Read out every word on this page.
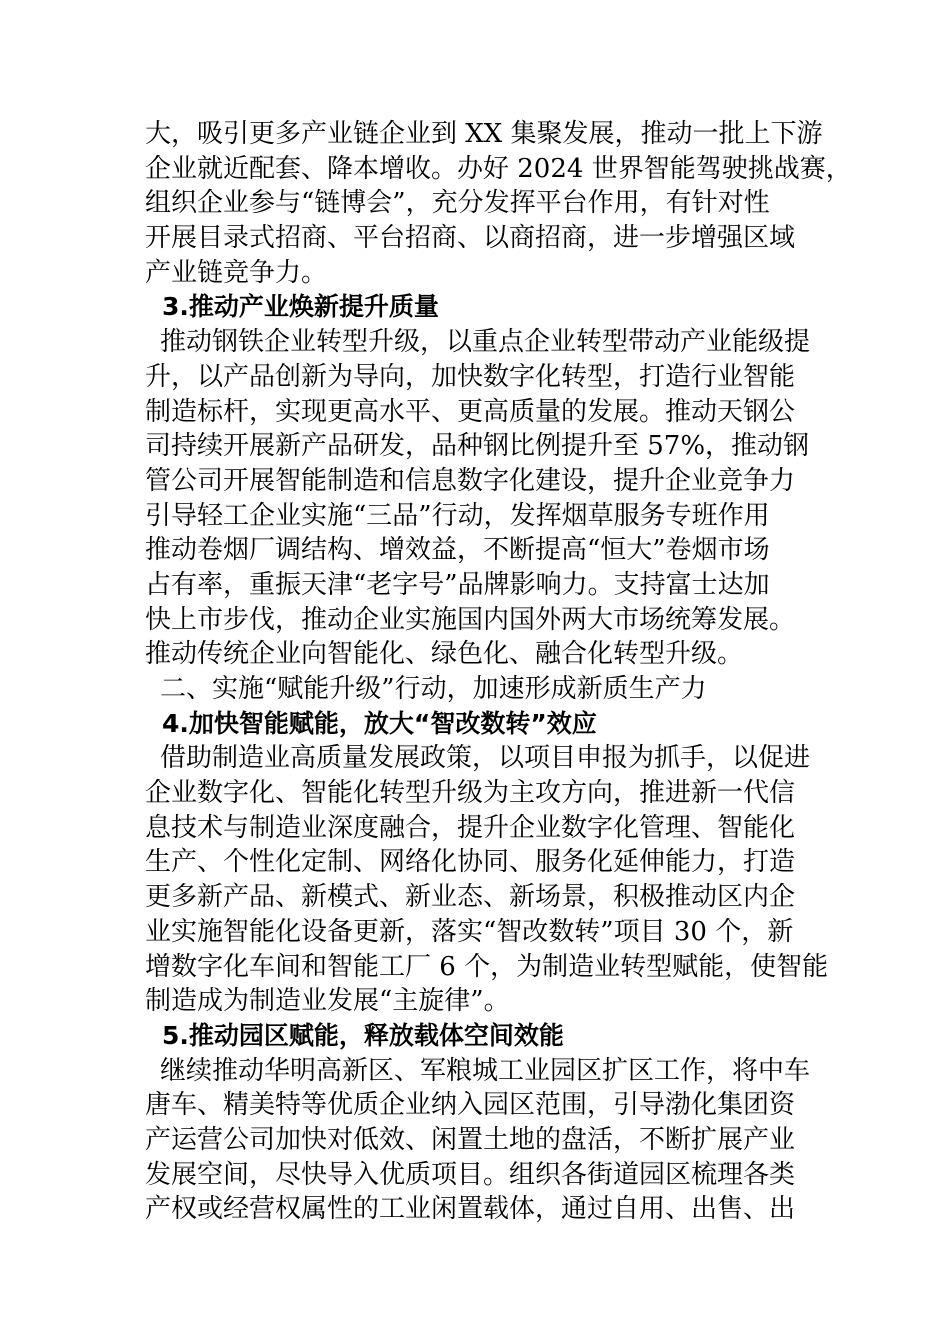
大，吸引更多产业链企业到 XX 集聚发展，推动一批上下游
企业就近配套、降本增收。办好 2024 世界智能驾驶挑战赛，
组织企业参与“链博会”，充分发挥平台作用，有针对性
开展目录式招商、平台招商、以商招商，进一步增强区域
产业链竞争力。
3.推动产业焕新提升质量
推动钢铁企业转型升级，以重点企业转型带动产业能级提
升，以产品创新为导向，加快数字化转型，打造行业智能
制造标杆，实现更高水平、更高质量的发展。推动天钢公
司持续开展新产品研发，品种钢比例提升至 57%，推动钢
管公司开展智能制造和信息数字化建设，提升企业竞争力
引导轻工企业实施“三品”行动，发挥烟草服务专班作用
推动卷烟厂调结构、增效益，不断提高“恒大”卷烟市场
占有率，重振天津“老字号”品牌影响力。支持富士达加
快上市步伐，推动企业实施国内国外两大市场统筹发展。
推动传统企业向智能化、绿色化、融合化转型升级。
二、实施“赋能升级”行动，加速形成新质生产力
4.加快智能赋能，放大“智改数转”效应
借助制造业高质量发展政策，以项目申报为抓手，以促进
企业数字化、智能化转型升级为主攻方向，推进新一代信
息技术与制造业深度融合，提升企业数字化管理、智能化
生产、个性化定制、网络化协同、服务化延伸能力，打造
更多新产品、新模式、新业态、新场景，积极推动区内企
业实施智能化设备更新，落实“智改数转”项目 30 个，新
增数字化车间和智能工厂 6 个，为制造业转型赋能，使智能
制造成为制造业发展“主旋律”。
5.推动园区赋能，释放载体空间效能
继续推动华明高新区、军粮城工业园区扩区工作，将中车
唐车、精美特等优质企业纳入园区范围，引导渤化集团资
产运营公司加快对低效、闲置土地的盘活，不断扩展产业
发展空间，尽快导入优质项目。组织各街道园区梳理各类
产权或经营权属性的工业闲置载体，通过自用、出售、出
